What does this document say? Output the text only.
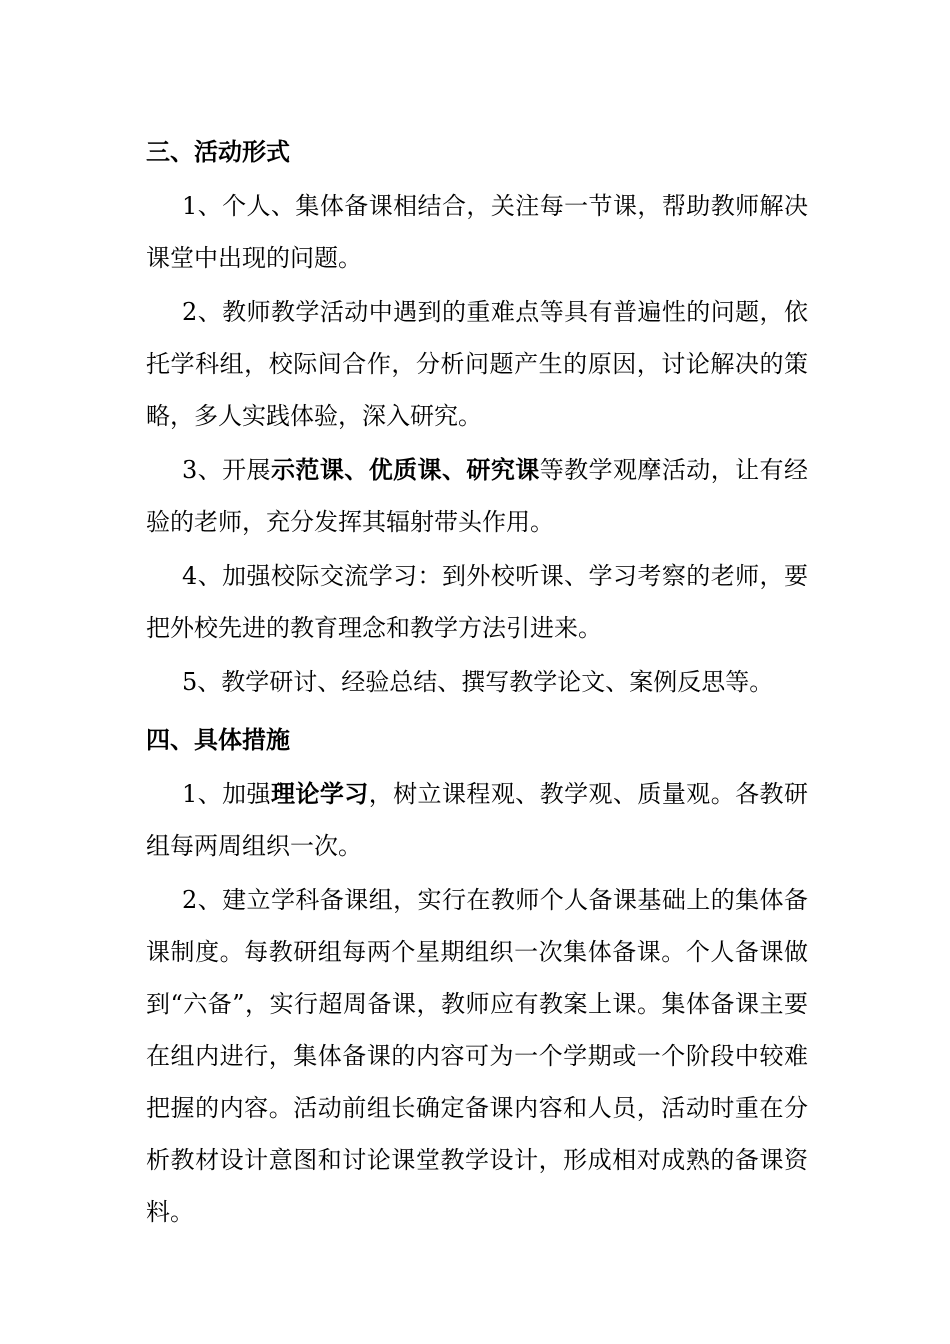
三、活动形式

1、个人、集体备课相结合，关注每一节课，帮助教师解决课堂中出现的问题。

2、教师教学活动中遇到的重难点等具有普遍性的问题，依托学科组，校际间合作，分析问题产生的原因，讨论解决的策略，多人实践体验，深入研究。

3、开展示范课、优质课、研究课等教学观摩活动，让有经验的老师，充分发挥其辐射带头作用。

4、加强校际交流学习：到外校听课、学习考察的老师，要把外校先进的教育理念和教学方法引进来。

5、教学研讨、经验总结、撰写教学论文、案例反思等。

四、具体措施

1、加强理论学习，树立课程观、教学观、质量观。各教研组每两周组织一次。

2、建立学科备课组，实行在教师个人备课基础上的集体备课制度。每教研组每两个星期组织一次集体备课。个人备课做到“六备”，实行超周备课，教师应有教案上课。集体备课主要在组内进行，集体备课的内容可为一个学期或一个阶段中较难把握的内容。活动前组长确定备课内容和人员，活动时重在分析教材设计意图和讨论课堂教学设计，形成相对成熟的备课资料。
